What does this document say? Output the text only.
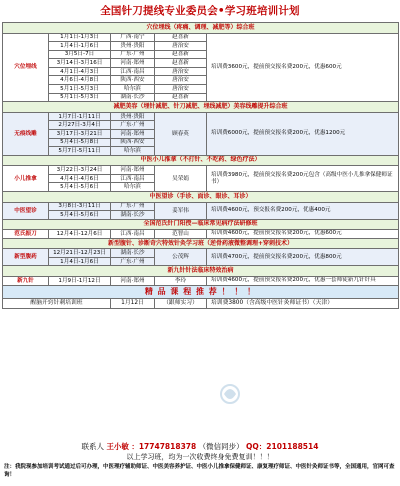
全国针刀提线专业委员会•学习班培训计划
穴位埋线（疼痛、调理、减肥等）综合班				
穴位埋线	1月1日-1月3日	广西·南宁	赵喜新	培训费3600元，提前预交报名费200元，优惠600元
	1月4日-1月6日	贵州·贵阳	唐治安	
	3月5日-7日	广东·广州	赵喜新	
	3月14日-3月16日	河南·郑州	赵喜新	
	4月1日-4月3日	江西·南昌	唐治安	
	4月6日-4月8日	陕西·西安	唐治安	
	5月1日-5月3日	哈尔滨	唐治安	
	5月1日-5月3日	湖南·长沙	赵喜新	
减肥美容（埋针减肥、针刀减肥、埋线减肥）美容线雕提升综合班				
无痕线雕	1月7日-1月11日	贵州·贵阳	顾春英	培训费6000元，提前预交报名费200元，优惠1200元
	2月27日-3月4日	广东·广州		
	3月17日-3月21日	河南·郑州		
	5月4日-5月8日	陕西·西安		
	5月7日-5月11日	哈尔滨		
中医小儿推拿（不打针、不吃药、绿色疗法）				
小儿推拿	3月22日-3月24日	河南·郑州	吴荣娟	培训费3980元，提前预交报名费200元包含（高级中医小儿推拿保健师证书）
	4月4日-4月6日	江西·南昌		
	5月4日-5月6日	哈尔滨		
中医望诊（手诊、面诊、眼诊、耳诊）				
中医望诊	3月8日-3月11日	广东·广州	姜军伟	培训费4600元，预交报名费200元，优惠400元
	5月4日-5月6日	湖南·长沙		
全国范氏针门阳授—临床常见病疗法研修班				
范氏振刀	12月4日-12月6日	江西·南昌	范智山	培训费4600元，提前预交报名费200元，优惠600元
新型腹针、诊断奇穴特效针灸学习班（逆骨药液微整调理+穿刺技术）				
新型腹药	12月21日-12月23日	湖南·长沙	公茂辉	培训费4700元，提前预交报名费200元，优惠800元
	1月4日-1月6日	广东·广州		
新九针针法临床特效治病				
新九针	1月9日-1月12日	河南·郑州	李玲	培训费4600元，提前预交报名费200元，优惠一套师徒新九针针具
精 品 课 程 推 荐 ！ ！ ！				
醒脑开窍针刺培训班		1月12日	（跟师实习）	培训费3800（含高级中医针灸师证书）（天津）
联系人 王小敏 ：17747818378 （微信同步） QQ：2101188514
以上学习班，均为一次收费终身免费复训！！！
注：我院现参加培训考试通过后可办理，中医理疗辅助师证、中医美容养护证、中医小儿推拿保健师证、康复理疗师证、中医针灸师证书等，全国通用，官网可查询！
